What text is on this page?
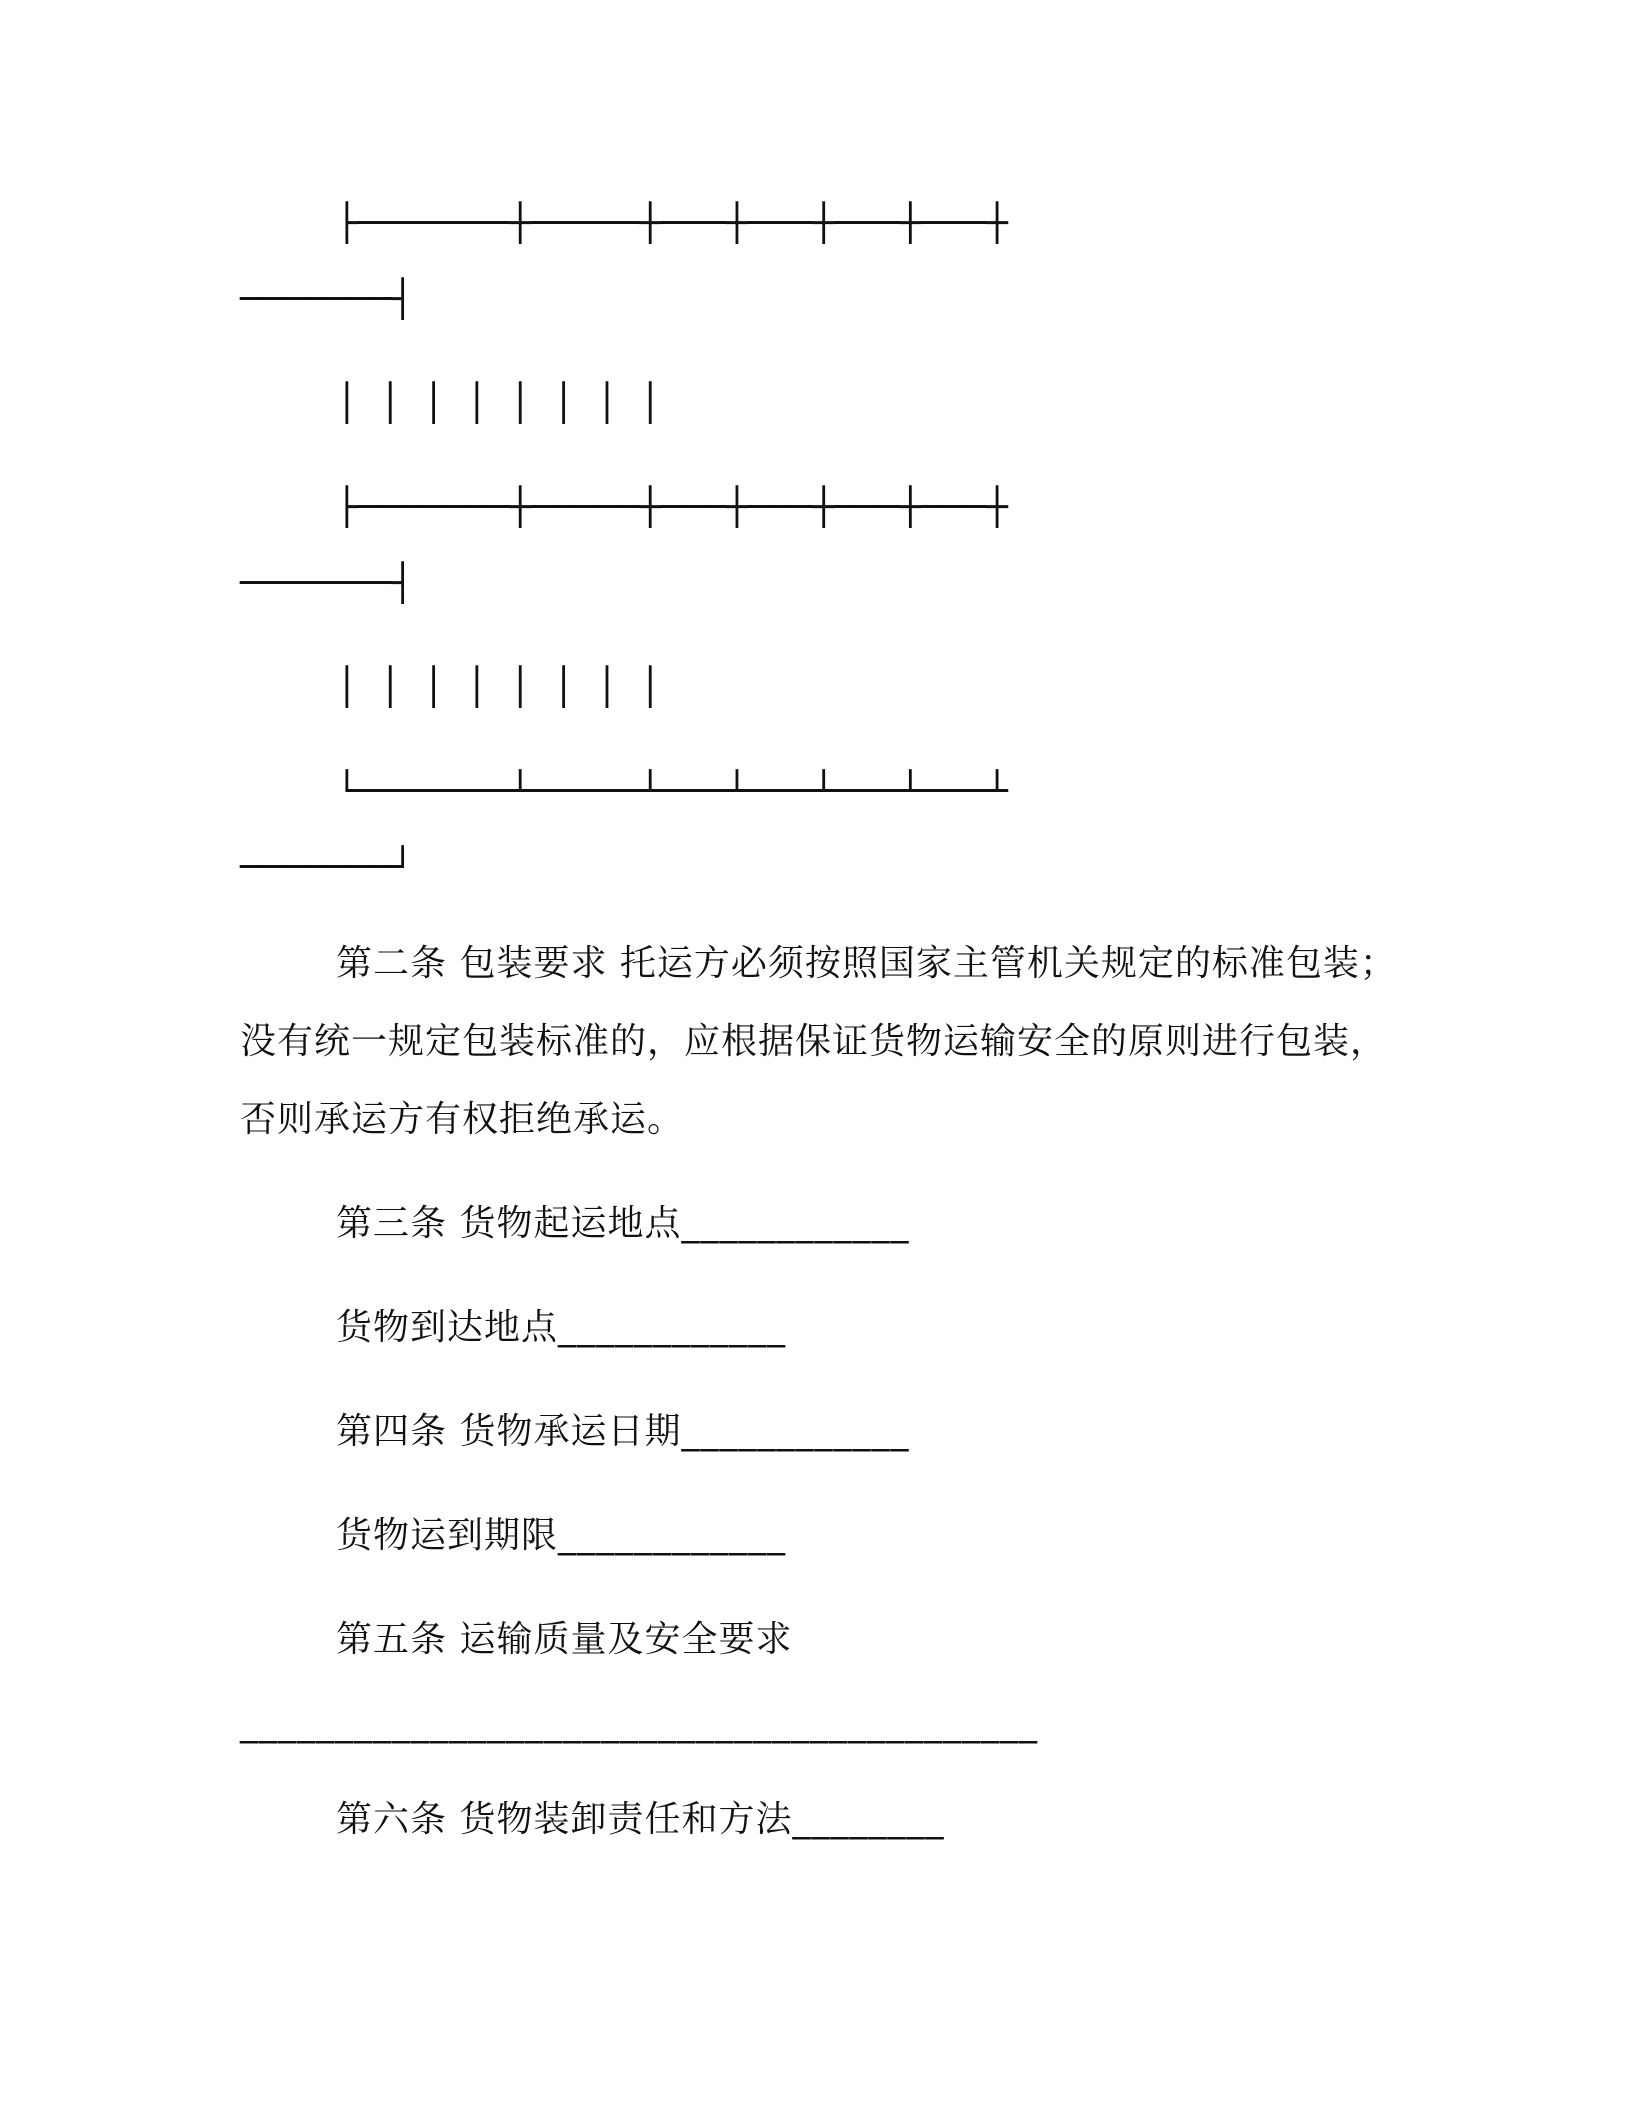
├───────┼─────┼───┼───┼───┼───┼
───────┤
│ │ │ │ │ │ │ │
├───────┼─────┼───┼───┼───┼───┼
───────┤
│ │ │ │ │ │ │ │
└───────┴─────┴───┴───┴───┴───┴
───────┘
第二条 包装要求 托运方必须按照国家主管机关规定的标准包装；
没有统一规定包装标准的，应根据保证货物运输安全的原则进行包装，
否则承运方有权拒绝承运。
第三条 货物起运地点____________
货物到达地点____________
第四条 货物承运日期____________
货物运到期限____________
第五条 运输质量及安全要求
__________________________________________
第六条 货物装卸责任和方法________
